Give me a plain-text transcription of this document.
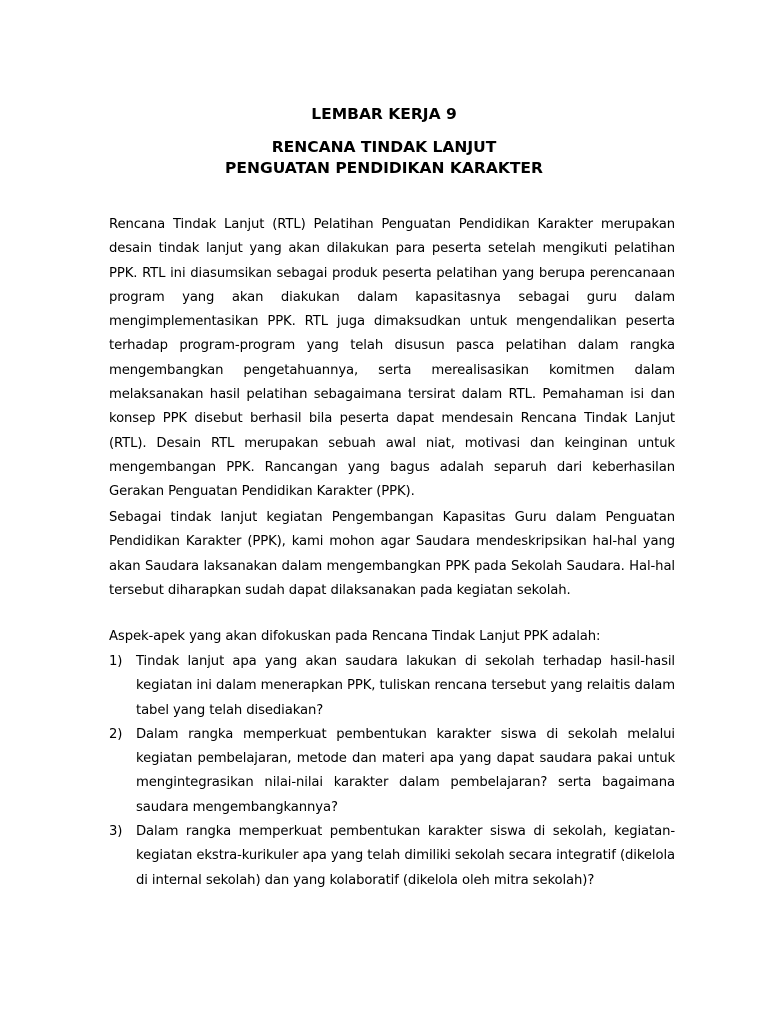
LEMBAR KERJA 9
RENCANA TINDAK LANJUT
PENGUATAN PENDIDIKAN KARAKTER

Rencana Tindak Lanjut (RTL) Pelatihan Penguatan Pendidikan Karakter merupakan desain tindak lanjut yang akan dilakukan para peserta setelah mengikuti pelatihan PPK. RTL ini diasumsikan sebagai produk peserta pelatihan yang berupa perencanaan program yang akan diakukan dalam kapasitasnya sebagai guru dalam mengimplementasikan PPK. RTL juga dimaksudkan untuk mengendalikan peserta terhadap program-program yang telah disusun pasca pelatihan dalam rangka mengembangkan pengetahuannya, serta merealisasikan komitmen dalam melaksanakan hasil pelatihan sebagaimana tersirat dalam RTL. Pemahaman isi dan konsep PPK disebut berhasil bila peserta dapat mendesain Rencana Tindak Lanjut (RTL). Desain RTL merupakan sebuah awal niat, motivasi dan keinginan untuk mengembangan PPK. Rancangan yang bagus adalah separuh dari keberhasilan Gerakan Penguatan Pendidikan Karakter (PPK).

Sebagai tindak lanjut kegiatan Pengembangan Kapasitas Guru dalam Penguatan Pendidikan Karakter (PPK), kami mohon agar Saudara mendeskripsikan hal-hal yang akan Saudara laksanakan dalam mengembangkan PPK pada Sekolah Saudara. Hal-hal tersebut diharapkan sudah dapat dilaksanakan pada kegiatan sekolah.

Aspek-apek yang akan difokuskan pada Rencana Tindak Lanjut PPK adalah:

1) Tindak lanjut apa yang akan saudara lakukan di sekolah terhadap hasil-hasil kegiatan ini dalam menerapkan PPK, tuliskan rencana tersebut yang relaitis dalam tabel yang telah disediakan?
2) Dalam rangka memperkuat pembentukan karakter siswa di sekolah melalui kegiatan pembelajaran, metode dan materi apa yang dapat saudara pakai untuk mengintegrasikan nilai-nilai karakter dalam pembelajaran? serta bagaimana saudara mengembangkannya?
3) Dalam rangka memperkuat pembentukan karakter siswa di sekolah, kegiatan-kegiatan ekstra-kurikuler apa yang telah dimiliki sekolah secara integratif (dikelola di internal sekolah) dan yang kolaboratif (dikelola oleh mitra sekolah)?
